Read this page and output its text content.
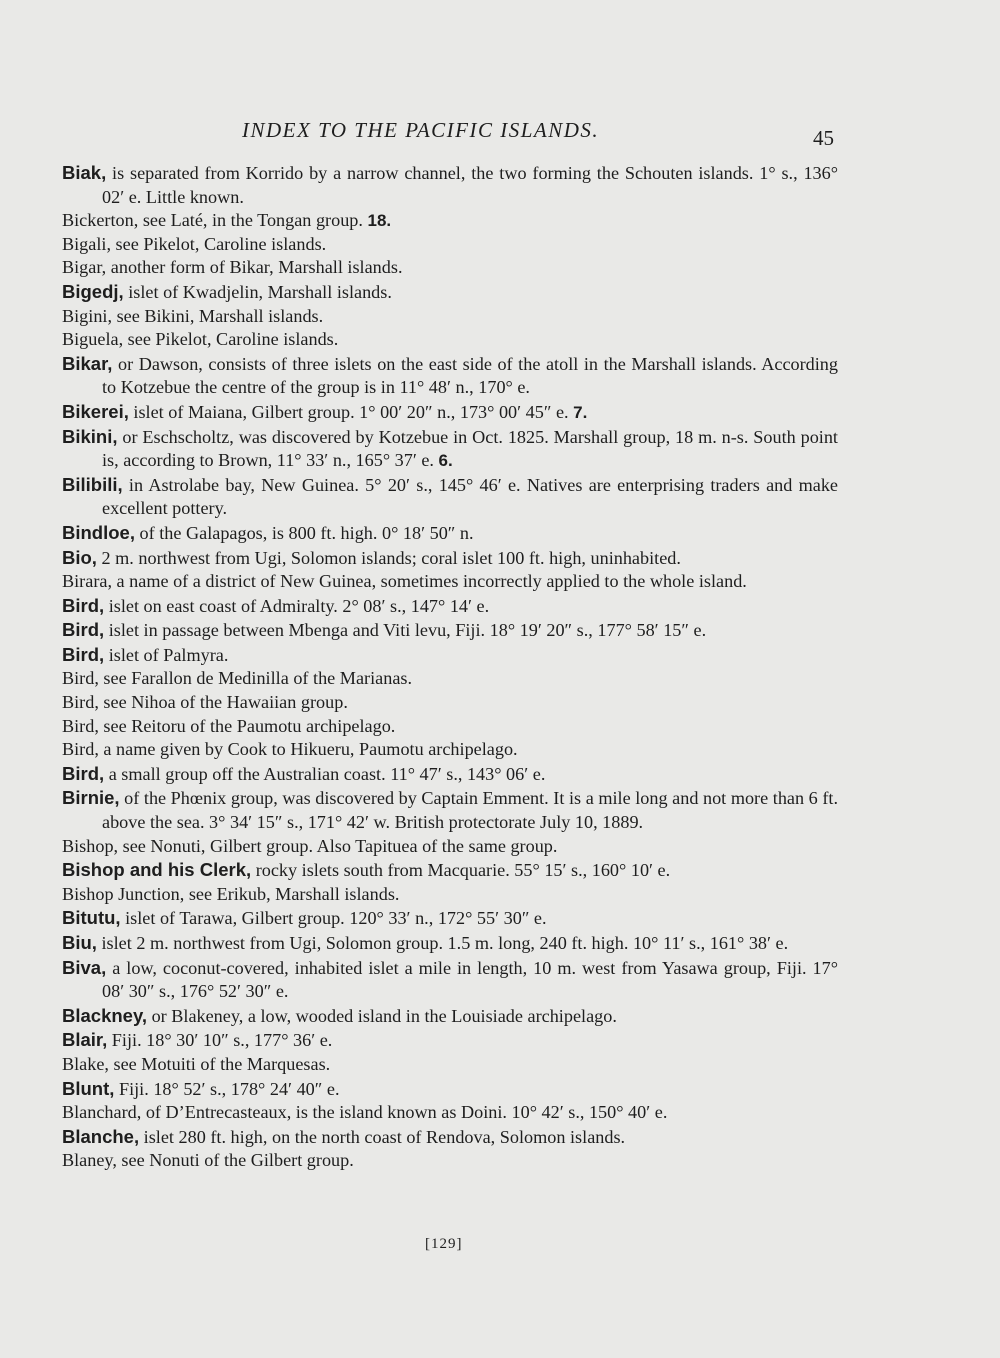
INDEX TO THE PACIFIC ISLANDS.	45

Biak, is separated from Korrido by a narrow channel, the two forming the Schouten islands. 1° s., 136° 02′ e. Little known.

Bickerton, see Laté, in the Tongan group. 18.

Bigali, see Pikelot, Caroline islands.

Bigar, another form of Bikar, Marshall islands.

Bigedj, islet of Kwadjelin, Marshall islands.

Bigini, see Bikini, Marshall islands.

Biguela, see Pikelot, Caroline islands.

Bikar, or Dawson, consists of three islets on the east side of the atoll in the Marshall islands. According to Kotzebue the centre of the group is in 11° 48′ n., 170° e.

Bikerei, islet of Maiana, Gilbert group. 1° 00′ 20″ n., 173° 00′ 45″ e. 7.

Bikini, or Eschscholtz, was discovered by Kotzebue in Oct. 1825. Marshall group, 18 m. n-s. South point is, according to Brown, 11° 33′ n., 165° 37′ e. 6.

Bilibili, in Astrolabe bay, New Guinea. 5° 20′ s., 145° 46′ e. Natives are enterprising traders and make excellent pottery.

Bindloe, of the Galapagos, is 800 ft. high. 0° 18′ 50″ n.

Bio, 2 m. northwest from Ugi, Solomon islands; coral islet 100 ft. high, uninhabited.

Birara, a name of a district of New Guinea, sometimes incorrectly applied to the whole island.

Bird, islet on east coast of Admiralty. 2° 08′ s., 147° 14′ e.

Bird, islet in passage between Mbenga and Viti levu, Fiji. 18° 19′ 20″ s., 177° 58′ 15″ e.

Bird, islet of Palmyra.

Bird, see Farallon de Medinilla of the Marianas.

Bird, see Nihoa of the Hawaiian group.

Bird, see Reitoru of the Paumotu archipelago.

Bird, a name given by Cook to Hikueru, Paumotu archipelago.

Bird, a small group off the Australian coast. 11° 47′ s., 143° 06′ e.

Birnie, of the Phœnix group, was discovered by Captain Emment. It is a mile long and not more than 6 ft. above the sea. 3° 34′ 15″ s., 171° 42′ w. British protectorate July 10, 1889.

Bishop, see Nonuti, Gilbert group. Also Tapituea of the same group.

Bishop and his Clerk, rocky islets south from Macquarie. 55° 15′ s., 160° 10′ e.

Bishop Junction, see Erikub, Marshall islands.

Bitutu, islet of Tarawa, Gilbert group. 120° 33′ n., 172° 55′ 30″ e.

Biu, islet 2 m. northwest from Ugi, Solomon group. 1.5 m. long, 240 ft. high. 10° 11′ s., 161° 38′ e.

Biva, a low, coconut-covered, inhabited islet a mile in length, 10 m. west from Yasawa group, Fiji. 17° 08′ 30″ s., 176° 52′ 30″ e.

Blackney, or Blakeney, a low, wooded island in the Louisiade archipelago.

Blair, Fiji. 18° 30′ 10″ s., 177° 36′ e.

Blake, see Motuiti of the Marquesas.

Blunt, Fiji. 18° 52′ s., 178° 24′ 40″ e.

Blanchard, of D’Entrecasteaux, is the island known as Doini. 10° 42′ s., 150° 40′ e.

Blanche, islet 280 ft. high, on the north coast of Rendova, Solomon islands.

Blaney, see Nonuti of the Gilbert group.

[129]
